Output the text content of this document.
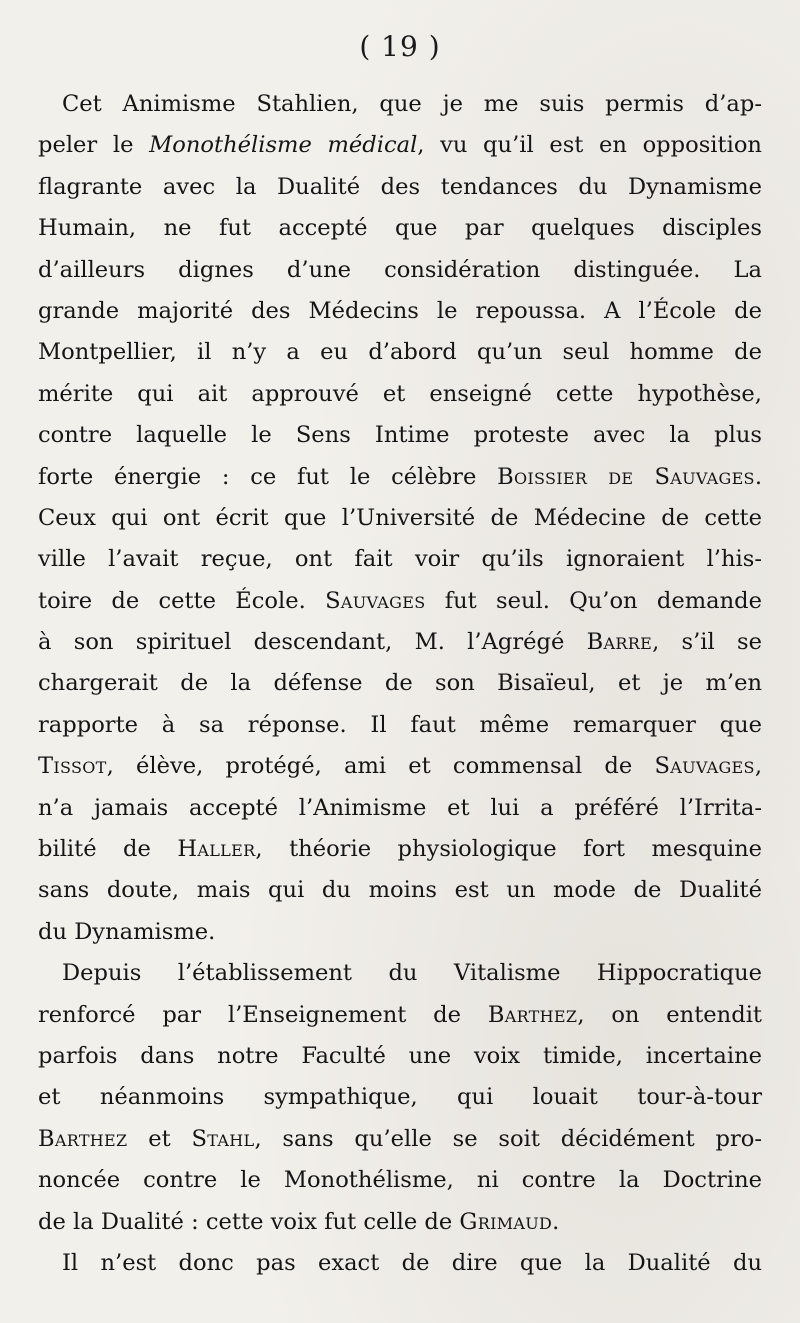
( 19 )
Cet Animisme Stahlien, que je me suis permis d’ap-
peler le Monothélisme médical, vu qu’il est en opposition
flagrante avec la Dualité des tendances du Dynamisme
Humain, ne fut accepté que par quelques disciples
d’ailleurs dignes d’une considération distinguée. La
grande majorité des Médecins le repoussa. A l’École de
Montpellier, il n’y a eu d’abord qu’un seul homme de
mérite qui ait approuvé et enseigné cette hypothèse,
contre laquelle le Sens Intime proteste avec la plus
forte énergie : ce fut le célèbre Boissier de Sauvages.
Ceux qui ont écrit que l’Université de Médecine de cette
ville l’avait reçue, ont fait voir qu’ils ignoraient l’his-
toire de cette École. Sauvages fut seul. Qu’on demande
à son spirituel descendant, M. l’Agrégé Barre, s’il se
chargerait de la défense de son Bisaïeul, et je m’en
rapporte à sa réponse. Il faut même remarquer que
Tissot, élève, protégé, ami et commensal de Sauvages,
n’a jamais accepté l’Animisme et lui a préféré l’Irrita-
bilité de Haller, théorie physiologique fort mesquine
sans doute, mais qui du moins est un mode de Dualité
du Dynamisme.
Depuis l’établissement du Vitalisme Hippocratique
renforcé par l’Enseignement de Barthez, on entendit
parfois dans notre Faculté une voix timide, incertaine
et néanmoins sympathique, qui louait tour-à-tour
Barthez et Stahl, sans qu’elle se soit décidément pro-
noncée contre le Monothélisme, ni contre la Doctrine
de la Dualité : cette voix fut celle de Grimaud.
Il n’est donc pas exact de dire que la Dualité du
